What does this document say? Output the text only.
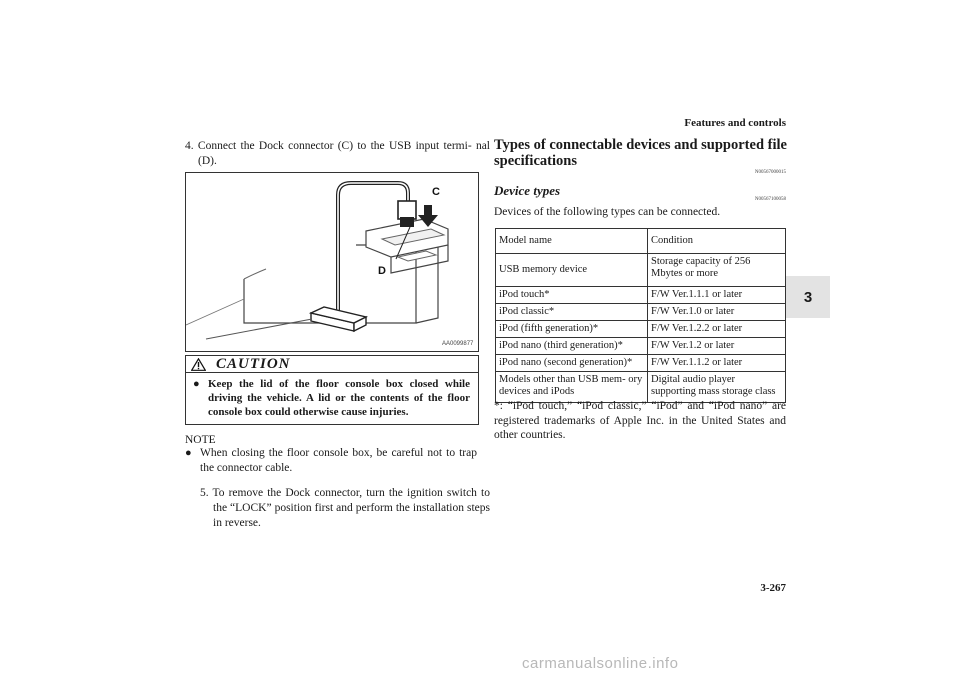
Features and controls
3
4. Connect the Dock connector (C) to the USB input termi- nal (D).
C
D
AA0099877
CAUTION
● Keep the lid of the floor console box closed while driving the vehicle. A lid or the contents of the floor console box could otherwise cause injuries.
NOTE
● When closing the floor console box, be careful not to trap the connector cable.
5. To remove the Dock connector, turn the ignition switch to the “LOCK” position first and perform the installation steps in reverse.
Types of connectable devices and supported file specifications
N00567000015
Device types
N00567100058
Devices of the following types can be connected.
Model name	Condition
USB memory device	Storage capacity of 256 Mbytes or more
iPod touch*	F/W Ver.1.1.1 or later
iPod classic*	F/W Ver.1.0 or later
iPod (fifth generation)*	F/W Ver.1.2.2 or later
iPod nano (third generation)*	F/W Ver.1.2 or later
iPod nano (second generation)*	F/W Ver.1.1.2 or later
Models other than USB mem- ory devices and iPods	Digital audio player supporting mass storage class
*: “iPod touch,” “iPod classic,” “iPod” and “iPod nano” are registered trademarks of Apple Inc. in the United States and other countries.
3-267
carmanualsonline.info
